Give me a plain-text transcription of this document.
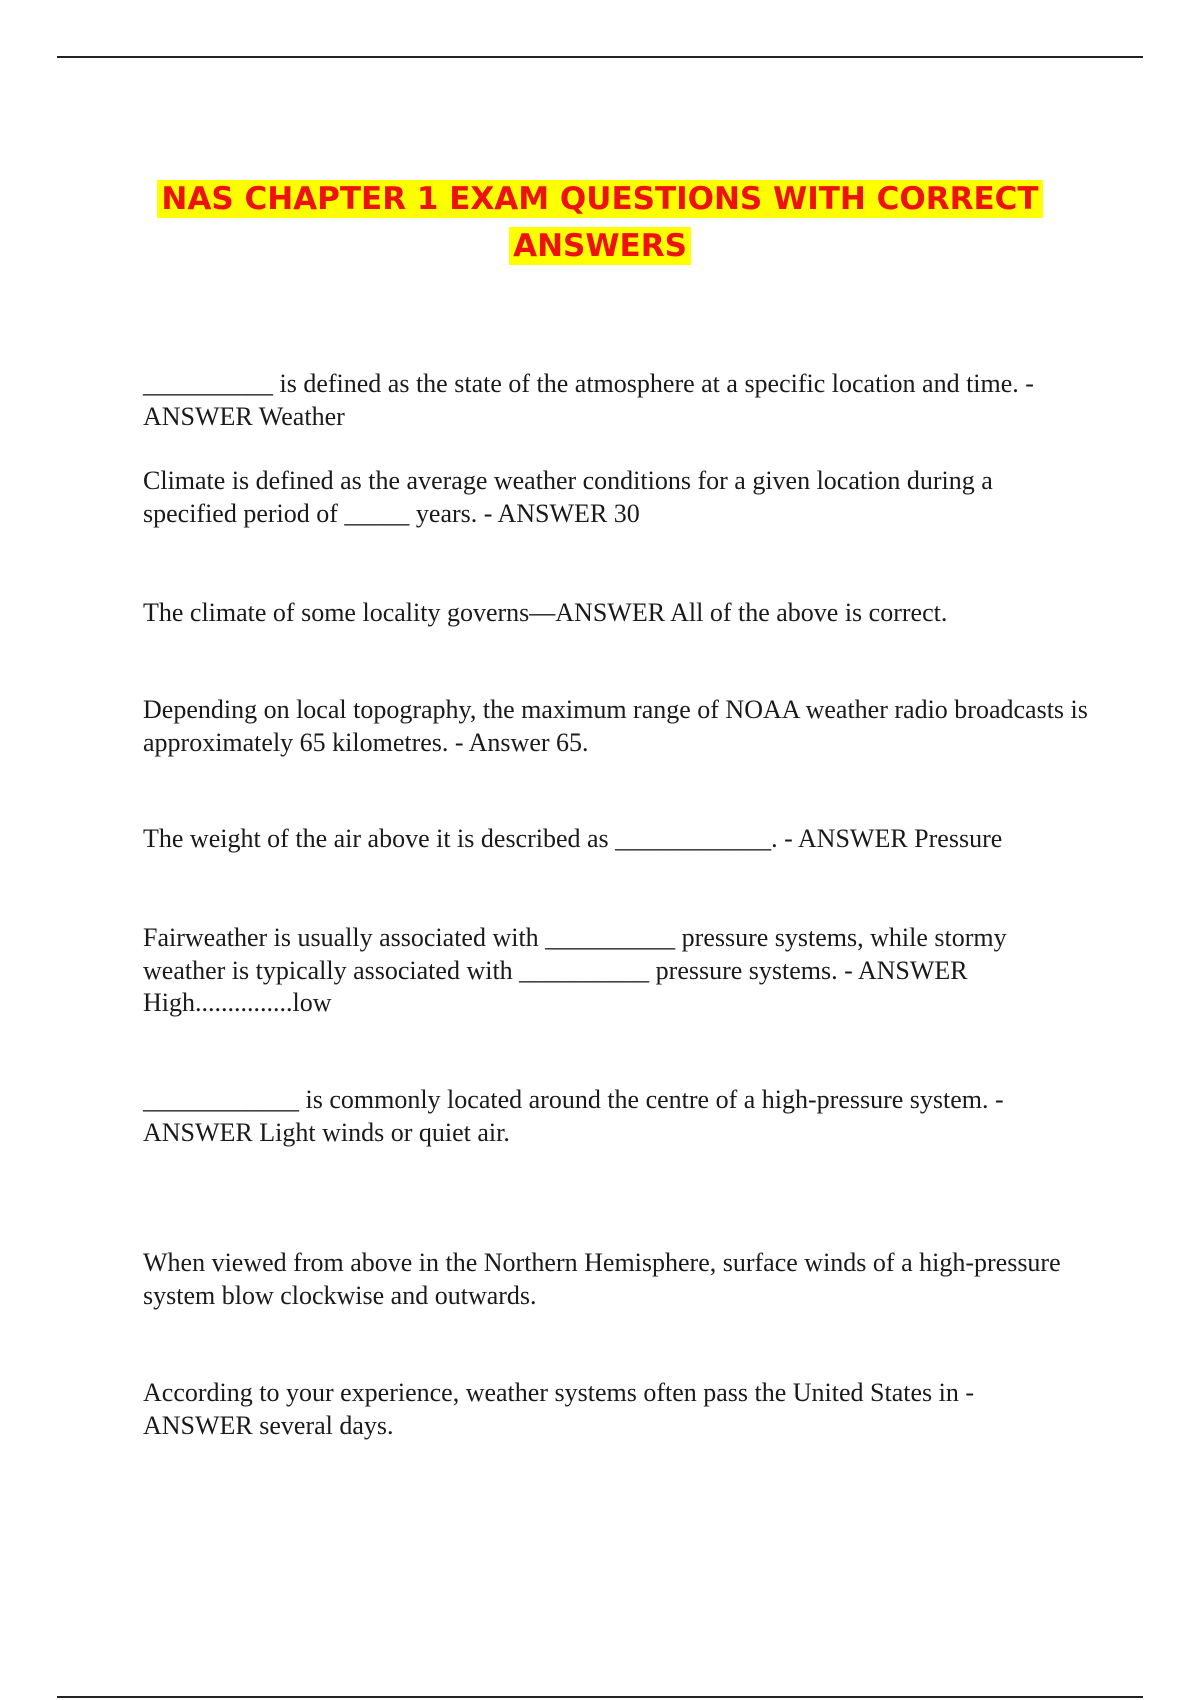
NAS CHAPTER 1 EXAM QUESTIONS WITH CORRECT ANSWERS

__________ is defined as the state of the atmosphere at a specific location and time. - ANSWER Weather

Climate is defined as the average weather conditions for a given location during a specified period of _____ years. - ANSWER 30

The climate of some locality governs—ANSWER All of the above is correct.

Depending on local topography, the maximum range of NOAA weather radio broadcasts is approximately 65 kilometres. - Answer 65.

The weight of the air above it is described as ____________. - ANSWER Pressure

Fairweather is usually associated with __________ pressure systems, while stormy weather is typically associated with __________ pressure systems. - ANSWER High...............low

____________ is commonly located around the centre of a high-pressure system. - ANSWER Light winds or quiet air.

When viewed from above in the Northern Hemisphere, surface winds of a high-pressure system blow clockwise and outwards.

According to your experience, weather systems often pass the United States in - ANSWER several days.
